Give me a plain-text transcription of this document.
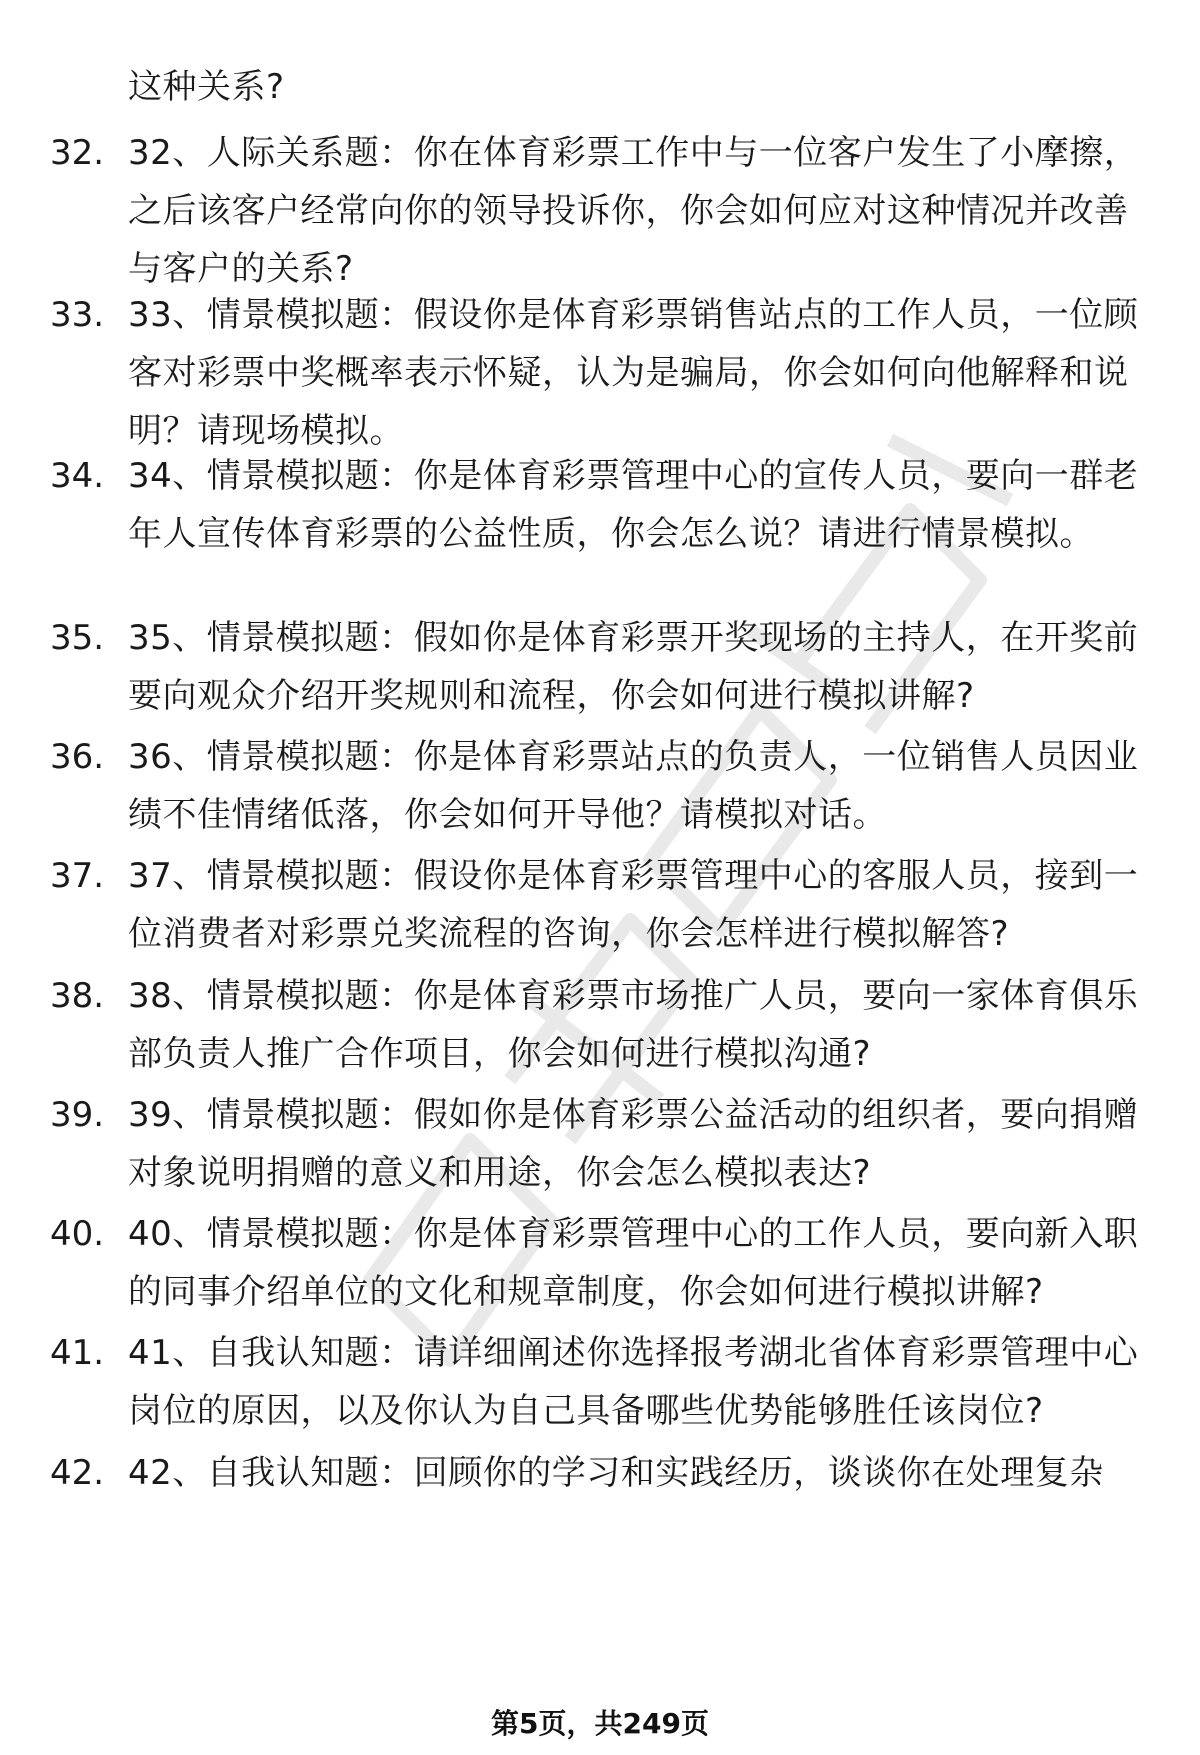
这种关系?
32. 32、人际关系题：你在体育彩票工作中与一位客户发生了小摩擦，之后该客户经常向你的领导投诉你，你会如何应对这种情况并改善与客户的关系?
33. 33、情景模拟题：假设你是体育彩票销售站点的工作人员，一位顾客对彩票中奖概率表示怀疑，认为是骗局，你会如何向他解释和说明？请现场模拟。
34. 34、情景模拟题：你是体育彩票管理中心的宣传人员，要向一群老年人宣传体育彩票的公益性质，你会怎么说？请进行情景模拟。
35. 35、情景模拟题：假如你是体育彩票开奖现场的主持人，在开奖前要向观众介绍开奖规则和流程，你会如何进行模拟讲解?
36. 36、情景模拟题：你是体育彩票站点的负责人，一位销售人员因业绩不佳情绪低落，你会如何开导他？请模拟对话。
37. 37、情景模拟题：假设你是体育彩票管理中心的客服人员，接到一位消费者对彩票兑奖流程的咨询，你会怎样进行模拟解答?
38. 38、情景模拟题：你是体育彩票市场推广人员，要向一家体育俱乐部负责人推广合作项目，你会如何进行模拟沟通?
39. 39、情景模拟题：假如你是体育彩票公益活动的组织者，要向捐赠对象说明捐赠的意义和用途，你会怎么模拟表达?
40. 40、情景模拟题：你是体育彩票管理中心的工作人员，要向新入职的同事介绍单位的文化和规章制度，你会如何进行模拟讲解?
41. 41、自我认知题：请详细阐述你选择报考湖北省体育彩票管理中心岗位的原因，以及你认为自己具备哪些优势能够胜任该岗位?
42. 42、自我认知题：回顾你的学习和实践经历，谈谈你在处理复杂
第5页，共249页
